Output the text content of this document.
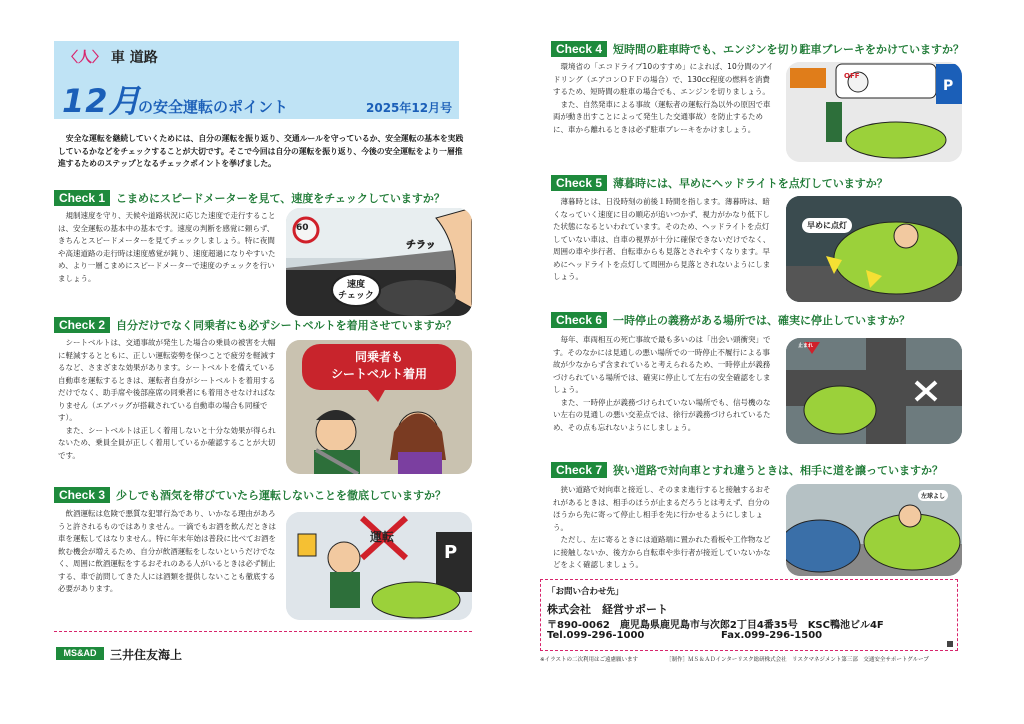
〈人〉 車 道路
12月
の安全運転のポイント	2025年12月号
安全な運転を継続していくためには、自分の運転を振り返り、交通ルールを守っているか、安全運転の基本を実践しているかなどをチェックすることが大切です。そこで今回は自分の運転を振り返り、今後の安全運転をより一層推進するためのステップとなるチェックポイントを挙げました。
Check 1	こまめにスピードメーターを見て、速度をチェックしていますか？

規制速度を守り、天候や道路状況に応じた速度で走行することは、安全運転の基本中の基本です。速度の判断を感覚に頼らず、きちんとスピードメーターを見てチェックしましょう。特に夜間や高速道路の走行時は速度感覚が鈍り、速度超過になりやすいため、より一層こまめにスピードメーターで速度のチェックを行いましょう。

60
チラッ
速度
チェック
Check 2	自分だけでなく同乗者にも必ずシートベルトを着用させていますか？

シートベルトは、交通事故が発生した場合の乗員の被害を大幅に軽減するとともに、正しい運転姿勢を保つことで疲労を軽減するなど、さまざまな効果があります。シートベルトを備えている自動車を運転するときは、運転者自身がシートベルトを着用するだけでなく、助手席や後部座席の同乗者にも着用させなければなりません（エアバッグが搭載されている自動車の場合も同様です）。

また、シートベルトは正しく着用しないと十分な効果が得られないため、乗員全員が正しく着用しているか確認することが大切です。

同乗者も
シートベルト着用
Check 3	少しでも酒気を帯びていたら運転しないことを徹底していますか？

飲酒運転は危険で悪質な犯罪行為であり、いかなる理由があろうと許されるものではありません。一滴でもお酒を飲んだときは車を運転してはなりません。特に年末年始は普段に比べてお酒を飲む機会が増えるため、自分が飲酒運転をしないというだけでなく、周囲に飲酒運転をするおそれのある人がいるときは必ず制止する、車で訪問してきた人には酒類を提供しないことも徹底する必要があります。

運転
P
Check 4	短時間の駐車時でも、エンジンを切り駐車ブレーキをかけていますか？

環境省の「エコドライブ10のすすめ」によれば、10分間のアイドリング（エアコンＯＦＦの場合）で、130cc程度の燃料を消費するため、短時間の駐車の場合でも、エンジンを切りましょう。

また、自然発車による事故（運転者の運転行為以外の原因で車両が動き出すことによって発生した交通事故）を防止するために、車から離れるときは必ず駐車ブレーキをかけましょう。

OFF
P
Check 5	薄暮時には、早めにヘッドライトを点灯していますか？

薄暮時とは、日没時刻の前後１時間を指します。薄暮時は、暗くなっていく速度に目の順応が追いつかず、視力がかなり低下した状態になるといわれています。そのため、ヘッドライトを点灯していない車は、自車の視界が十分に確保できないだけでなく、周囲の車や歩行者、自転車からも見落とされやすくなります。早めにヘッドライトを点灯して周囲から見落とされないようにしましょう。

早めに点灯
Check 6	一時停止の義務がある場所では、確実に停止していますか？

毎年、車両相互の死亡事故で最も多いのは「出会い頭衝突」です。そのなかには見通しの悪い場所での一時停止不履行による事故が少なからず含まれていると考えられるため、一時停止が義務づけられている場所では、確実に停止して左右の安全確認をしましょう。

また、一時停止が義務づけられていない場所でも、信号機のない左右の見通しの悪い交差点では、徐行が義務づけられているため、その点も忘れないようにしましょう。

止まれ
Check 7	狭い道路で対向車とすれ違うときは、相手に道を譲っていますか？

狭い道路で対向車と接近し、そのまま進行すると接触するおそれがあるときは、相手のほうが止まるだろうとは考えず、自分のほうから先に寄って停止し相手を先に行かせるようにしましょう。

ただし、左に寄るときには道路端に置かれた看板や工作物などに接触しないか、後方から自転車や歩行者が接近していないかなどをよく確認しましょう。

左球よし
「お問い合わせ先」
株式会社　経営サポート
〒890-0062　鹿児島県鹿児島市与次郎2丁目4番35号　KSC鴨池ビル4F
Tel.099-296-1000	Fax.099-296-1500
MS&AD	三井住友海上	※イラストの二次利用はご遠慮願います	［制作］ＭＳ＆ＡＤインターリスク総研株式会社　リスクマネジメント第三部　交通安全サポートグループ
